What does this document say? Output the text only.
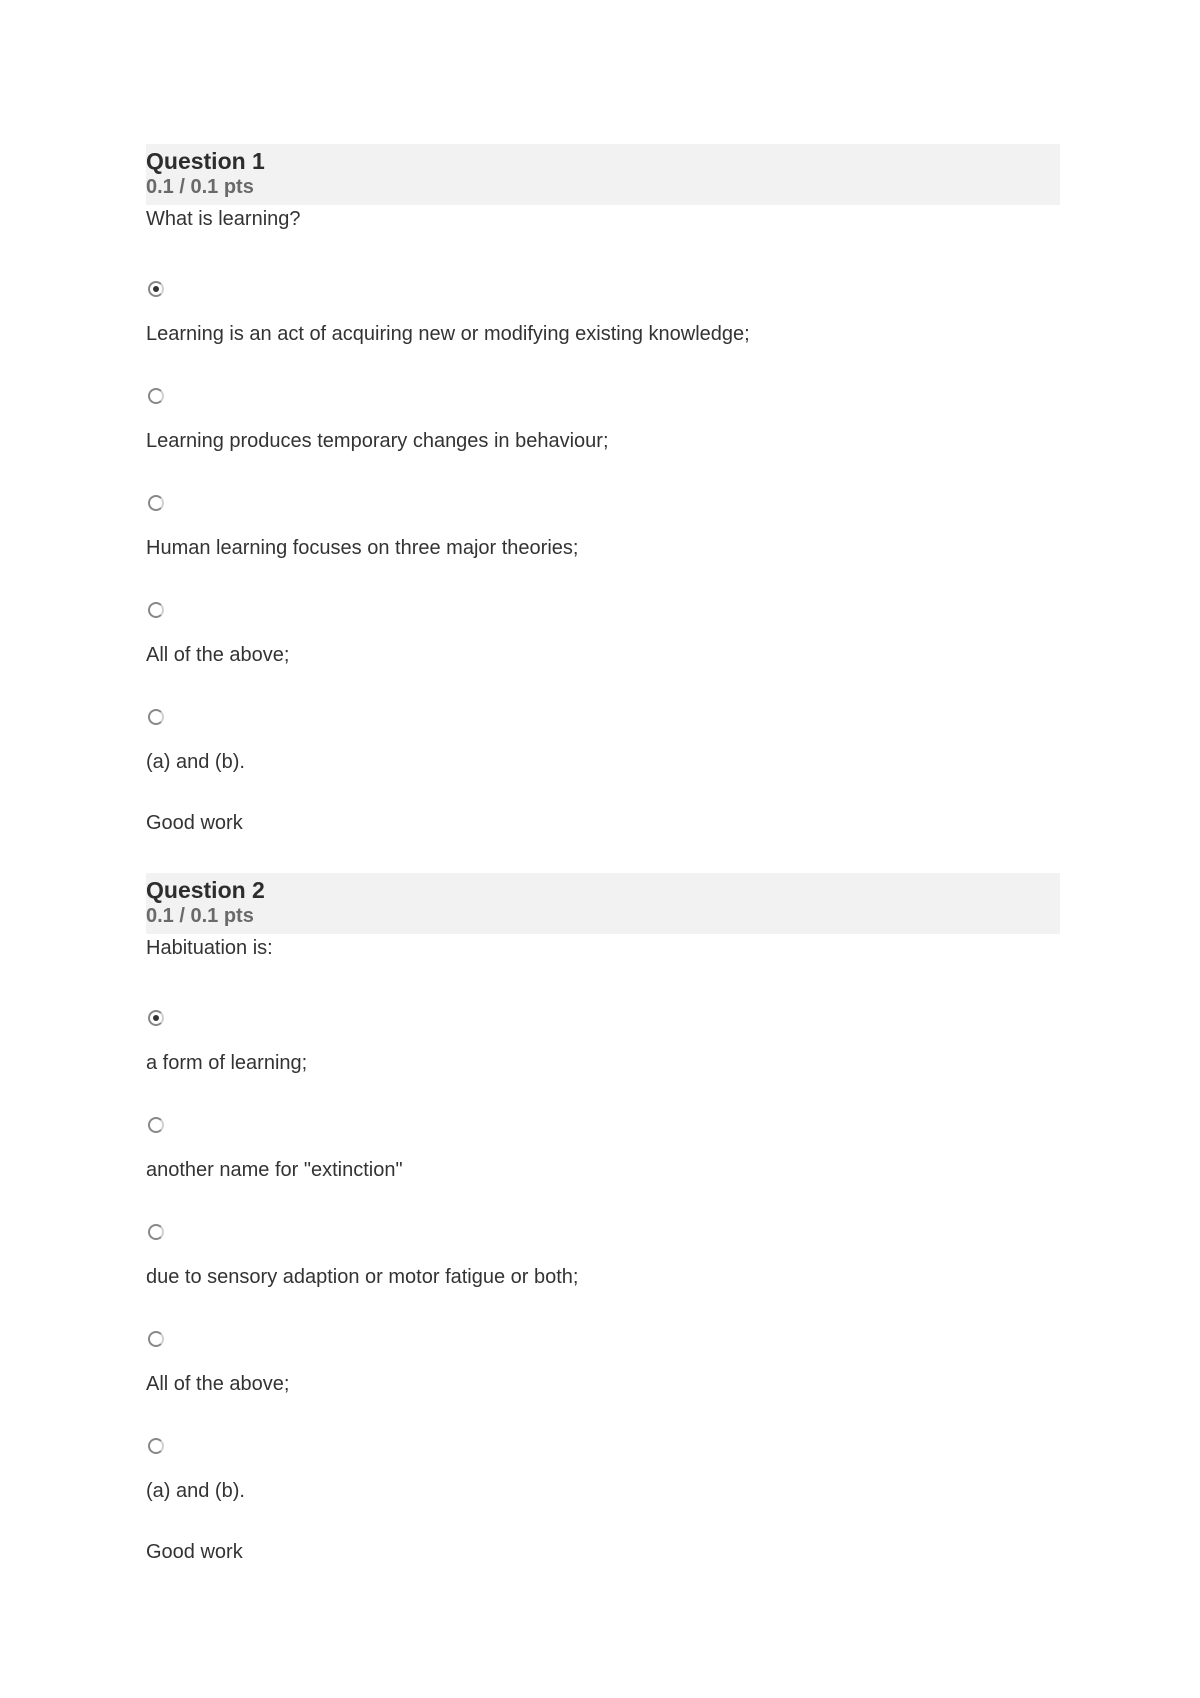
Question 1
0.1 / 0.1 pts
What is learning?
Learning is an act of acquiring new or modifying existing knowledge;
Learning produces temporary changes in behaviour;
Human learning focuses on three major theories;
All of the above;
(a) and (b).
Good work
Question 2
0.1 / 0.1 pts
Habituation is:
a form of learning;
another name for "extinction"
due to sensory adaption or motor fatigue or both;
All of the above;
(a) and (b).
Good work
